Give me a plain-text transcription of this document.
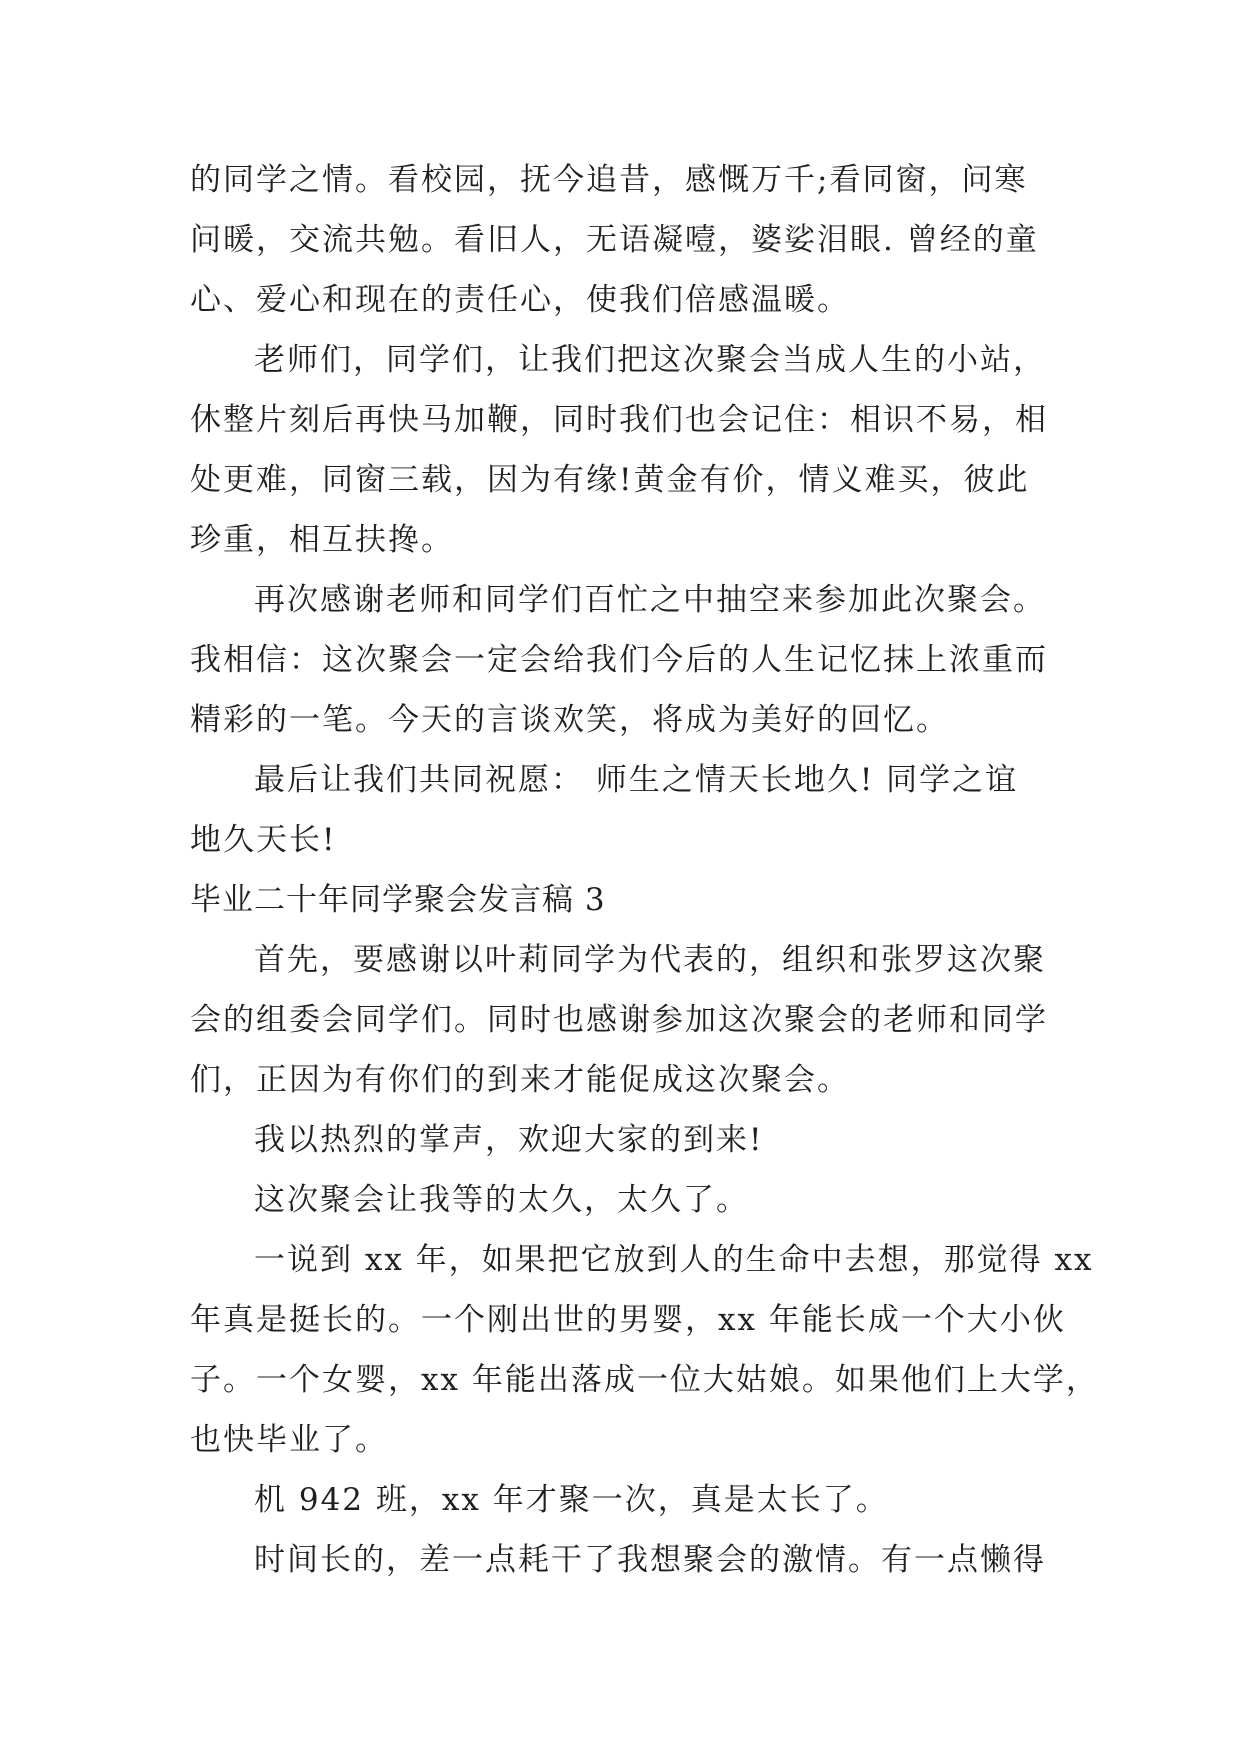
的同学之情。看校园，抚今追昔，感慨万千;看同窗，问寒
问暖，交流共勉。看旧人，无语凝噎，婆娑泪眼. 曾经的童
心、爱心和现在的责任心，使我们倍感温暖。
老师们，同学们，让我们把这次聚会当成人生的小站，
休整片刻后再快马加鞭，同时我们也会记住：相识不易，相
处更难，同窗三载，因为有缘!黄金有价，情义难买，彼此
珍重，相互扶搀。
再次感谢老师和同学们百忙之中抽空来参加此次聚会。
我相信：这次聚会一定会给我们今后的人生记忆抹上浓重而
精彩的一笔。今天的言谈欢笑，将成为美好的回忆。
最后让我们共同祝愿： 师生之情天长地久! 同学之谊
地久天长!
毕业二十年同学聚会发言稿 3
首先，要感谢以叶莉同学为代表的，组织和张罗这次聚
会的组委会同学们。同时也感谢参加这次聚会的老师和同学
们，正因为有你们的到来才能促成这次聚会。
我以热烈的掌声，欢迎大家的到来!
这次聚会让我等的太久，太久了。
一说到 xx 年，如果把它放到人的生命中去想，那觉得 xx
年真是挺长的。一个刚出世的男婴，xx 年能长成一个大小伙
子。一个女婴，xx 年能出落成一位大姑娘。如果他们上大学，
也快毕业了。
机 942 班，xx 年才聚一次，真是太长了。
时间长的，差一点耗干了我想聚会的激情。有一点懒得
